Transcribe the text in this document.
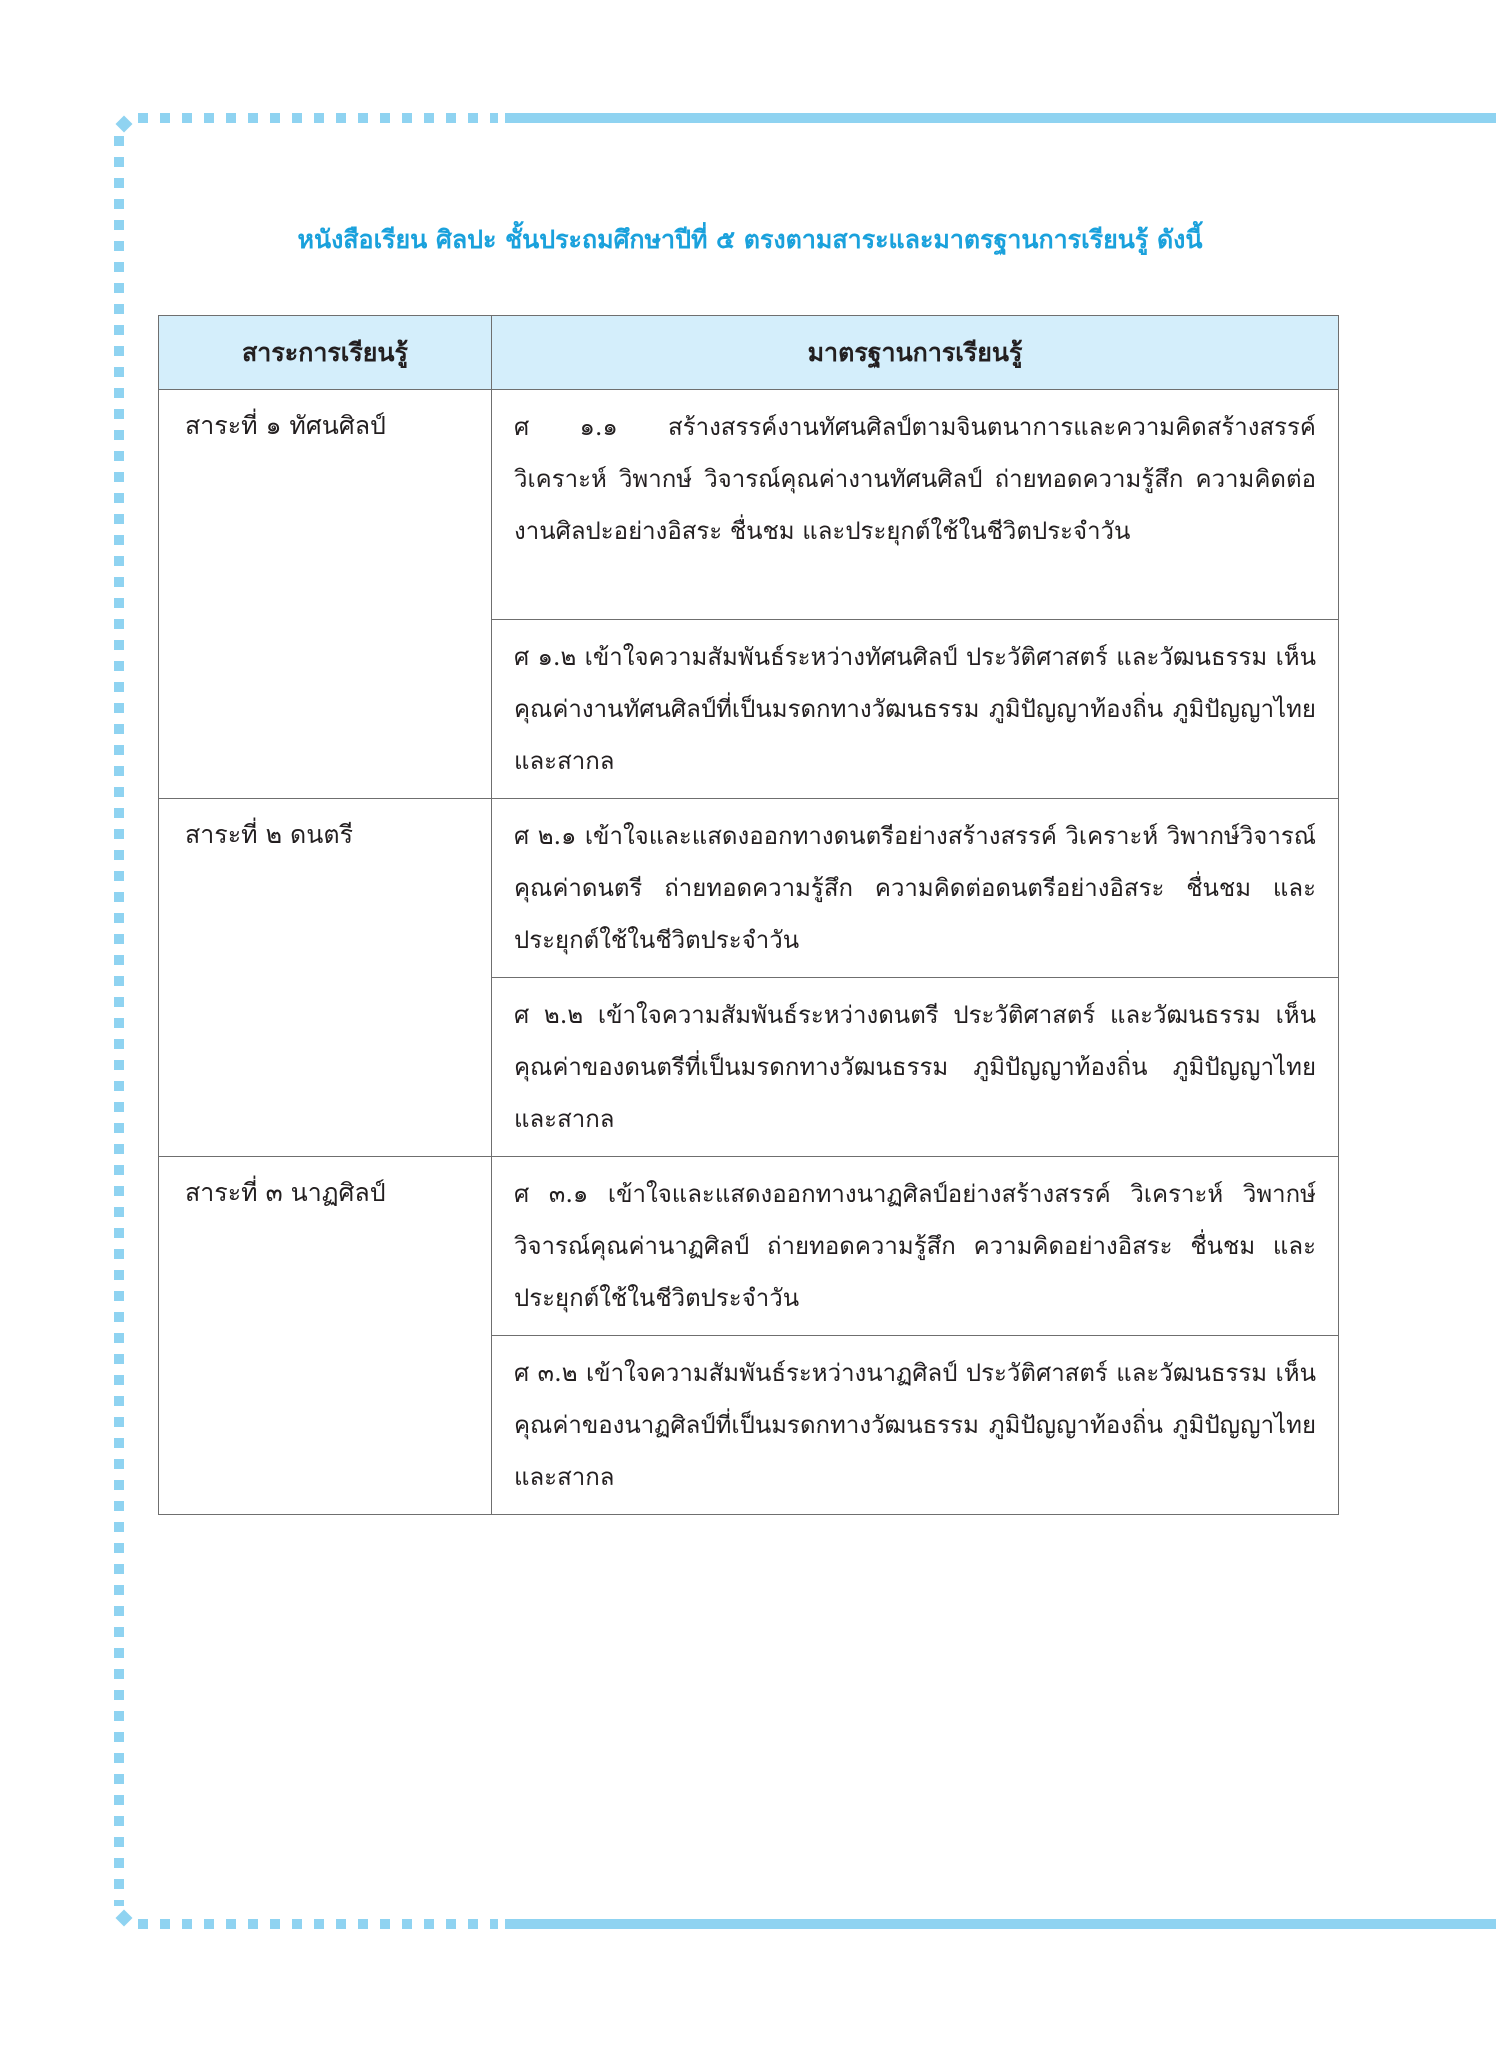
หนังสือเรียน ศิลปะ ชั้นประถมศึกษาปีที่ ๕ ตรงตามสาระและมาตรฐานการเรียนรู้ ดังนี้
สาระการเรียนรู้	มาตรฐานการเรียนรู้
สาระที่ ๑ ทัศนศิลป์	ศ ๑.๑ สร้างสรรค์งานทัศนศิลป์ตามจินตนาการและความคิดสร้างสรรค์ วิเคราะห์ วิพากษ์ วิจารณ์คุณค่างานทัศนศิลป์ ถ่ายทอดความรู้สึก ความคิดต่องานศิลปะอย่างอิสระ ชื่นชม และประยุกต์ใช้ในชีวิตประจำวัน
	ศ ๑.๒ เข้าใจความสัมพันธ์ระหว่างทัศนศิลป์ ประวัติศาสตร์ และวัฒนธรรม เห็นคุณค่างานทัศนศิลป์ที่เป็นมรดกทางวัฒนธรรม ภูมิปัญญาท้องถิ่น ภูมิปัญญาไทยและสากล
สาระที่ ๒ ดนตรี	ศ ๒.๑ เข้าใจและแสดงออกทางดนตรีอย่างสร้างสรรค์ วิเคราะห์ วิพากษ์วิจารณ์คุณค่าดนตรี ถ่ายทอดความรู้สึก ความคิดต่อดนตรีอย่างอิสระ ชื่นชม และประยุกต์ใช้ในชีวิตประจำวัน
	ศ ๒.๒ เข้าใจความสัมพันธ์ระหว่างดนตรี ประวัติศาสตร์ และวัฒนธรรม เห็นคุณค่าของดนตรีที่เป็นมรดกทางวัฒนธรรม ภูมิปัญญาท้องถิ่น ภูมิปัญญาไทยและสากล
สาระที่ ๓ นาฏศิลป์	ศ ๓.๑ เข้าใจและแสดงออกทางนาฏศิลป์อย่างสร้างสรรค์ วิเคราะห์ วิพากษ์ วิจารณ์คุณค่านาฏศิลป์ ถ่ายทอดความรู้สึก ความคิดอย่างอิสระ ชื่นชม และประยุกต์ใช้ในชีวิตประจำวัน
	ศ ๓.๒ เข้าใจความสัมพันธ์ระหว่างนาฏศิลป์ ประวัติศาสตร์ และวัฒนธรรม เห็นคุณค่าของนาฏศิลป์ที่เป็นมรดกทางวัฒนธรรม ภูมิปัญญาท้องถิ่น ภูมิปัญญาไทยและสากล
